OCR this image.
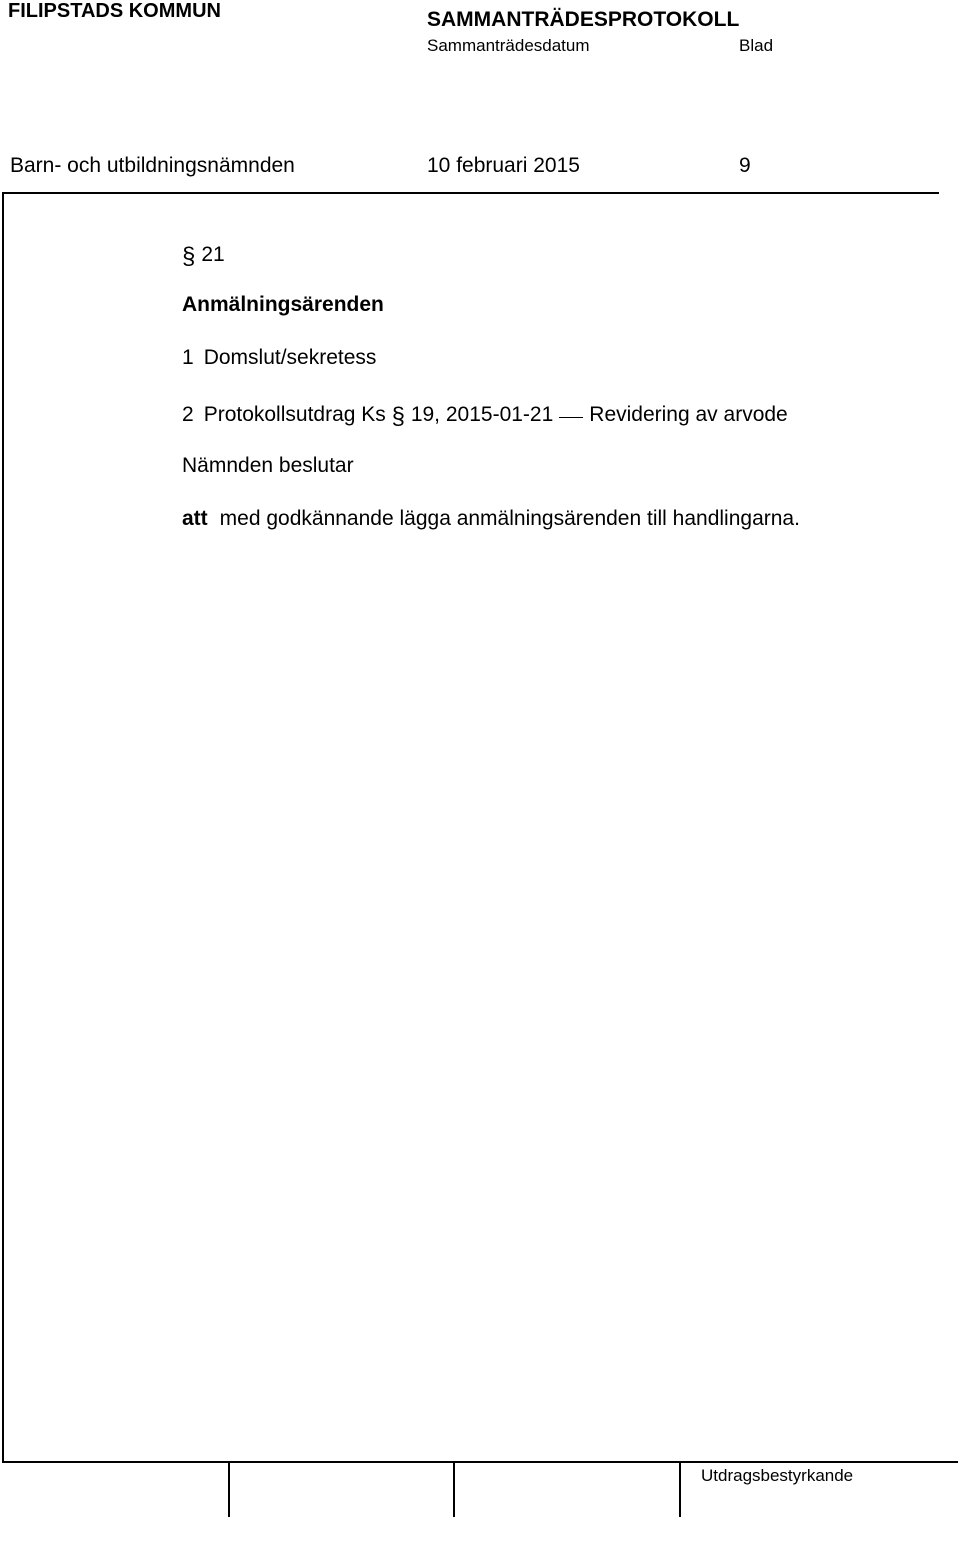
FILIPSTADS KOMMUN	SAMMANTRÄDESPROTOKOLL
Sammanträdesdatum	Blad
Barn- och utbildningsnämnden	10 februari 2015	9
§ 21
Anmälningsärenden
1 Domslut/sekretess
2 Protokollsutdrag Ks § 19, 2015-01-21 Revidering av arvode
Nämnden beslutar
att med godkännande lägga anmälningsärenden till handlingarna.
Utdragsbestyrkande
